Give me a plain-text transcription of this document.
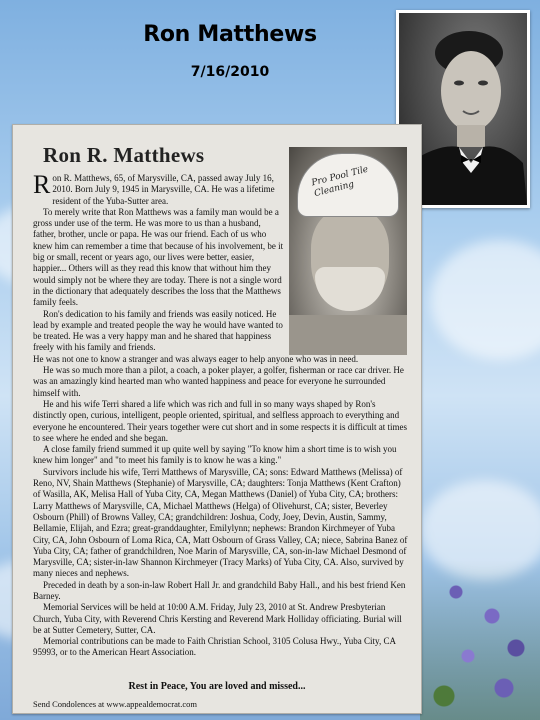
Ron Matthews
7/16/2010
Ron R. Matthews
Pro Pool Tile Cleaning

Ron R. Matthews, 65, of Marysville, CA, passed away July 16, 2010. Born July 9, 1945 in Marysville, CA. He was a lifetime resident of the Yuba-Sutter area.

To merely write that Ron Matthews was a family man would be a gross under use of the term. He was more to us than a husband, father, brother, uncle or papa. He was our friend. Each of us who knew him can remember a time that because of his involvement, be it big or small, recent or years ago, our lives were better, easier, happier... Others will as they read this know that without him they would simply not be where they are today. There is not a single word in the dictionary that adequately describes the loss that the Matthews family feels.

Ron's dedication to his family and friends was easily noticed. He lead by example and treated people the way he would have wanted to be treated. He was a very happy man and he shared that happiness freely with his family and friends.

He was not one to know a stranger and was always eager to help anyone who was in need.

He was so much more than a pilot, a coach, a poker player, a golfer, fisherman or race car driver. He was an amazingly kind hearted man who wanted happiness and peace for everyone he surrounded himself with.

He and his wife Terri shared a life which was rich and full in so many ways shaped by Ron's distinctly open, curious, intelligent, people oriented, spiritual, and selfless approach to everything and everyone he encountered. Their years together were cut short and in some respects it is difficult at times to see where he ended and she began.

A close family friend summed it up quite well by saying "To know him a short time is to wish you knew him longer" and "to meet his family is to know he was a king."

Survivors include his wife, Terri Matthews of Marysville, CA; sons: Edward Matthews (Melissa) of Reno, NV, Shain Matthews (Stephanie) of Marysville, CA; daughters: Tonja Matthews (Kent Crafton) of Wasilla, AK, Melisa Hall of Yuba City, CA, Megan Matthews (Daniel) of Yuba City, CA; brothers: Larry Matthews of Marysville, CA, Michael Matthews (Helga) of Olivehurst, CA; sister, Beverley Osbourn (Phill) of Browns Valley, CA; grandchildren: Joshua, Cody, Joey, Devin, Austin, Sammy, Bellamie, Elijah, and Ezra; great-granddaughter, Emilylynn; nephews: Brandon Kirchmeyer of Yuba City, CA, John Osbourn of Loma Rica, CA, Matt Osbourn of Grass Valley, CA; niece, Sabrina Banez of Yuba City, CA; father of grandchildren, Noe Marin of Marysville, CA, son-in-law Michael Desmond of Marysville, CA; sister-in-law Shannon Kirchmeyer (Tracy Marks) of Yuba City, CA. Also, survived by many nieces and nephews.

Preceded in death by a son-in-law Robert Hall Jr. and grandchild Baby Hall., and his best friend Ken Barney.

Memorial Services will be held at 10:00 A.M. Friday, July 23, 2010 at St. Andrew Presbyterian Church, Yuba City, with Reverend Chris Kersting and Reverend Mark Holliday officiating. Burial will be at Sutter Cemetery, Sutter, CA.

Memorial contributions can be made to Faith Christian School, 3105 Colusa Hwy., Yuba City, CA 95993, or to the American Heart Association.

Rest in Peace, You are loved and missed...
Send Condolences at www.appealdemocrat.com
